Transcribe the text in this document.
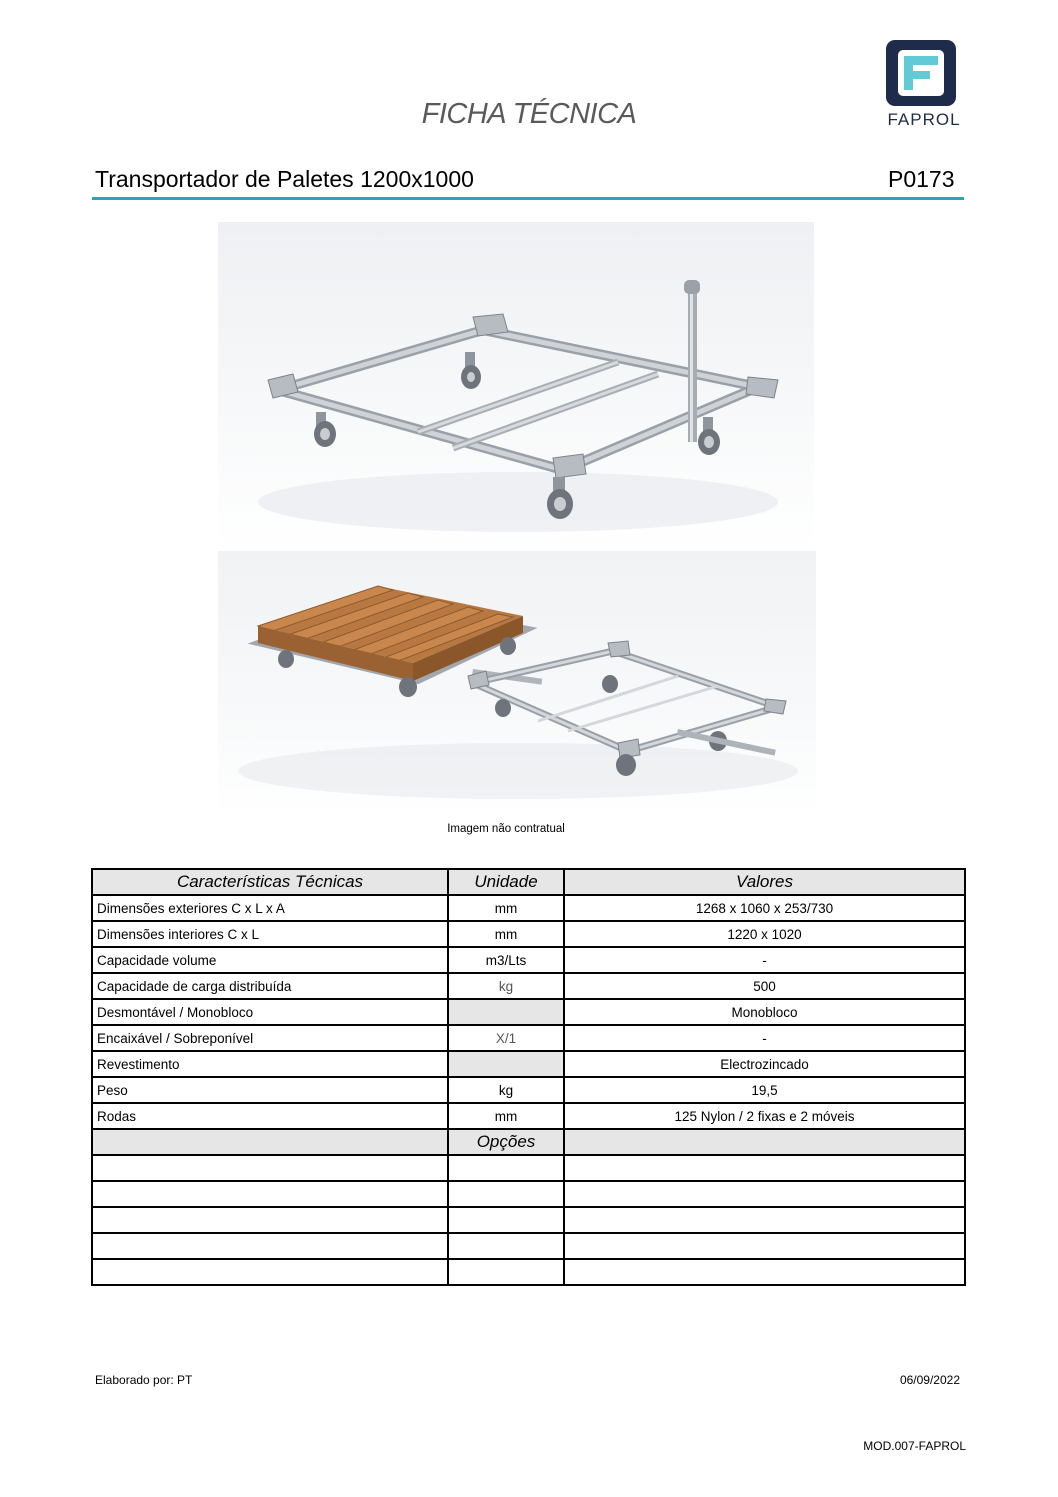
FICHA TÉCNICA	FAPROL
Transportador de Paletes 1200x1000	P0173
Imagem não contratual
Características Técnicas	Unidade	Valores
Dimensões exteriores C x L x A	mm	1268 x 1060 x 253/730
Dimensões interiores C x L	mm	1220 x 1020
Capacidade volume	m3/Lts	-
Capacidade de carga distribuída	kg	500
Desmontável / Monobloco		Monobloco
Encaixável / Sobreponível	X/1	-
Revestimento		Electrozincado
Peso	kg	19,5
Rodas	mm	125 Nylon / 2 fixas e 2 móveis
	Opções	

Elaborado por: PT	06/09/2022
MOD.007-FAPROL
